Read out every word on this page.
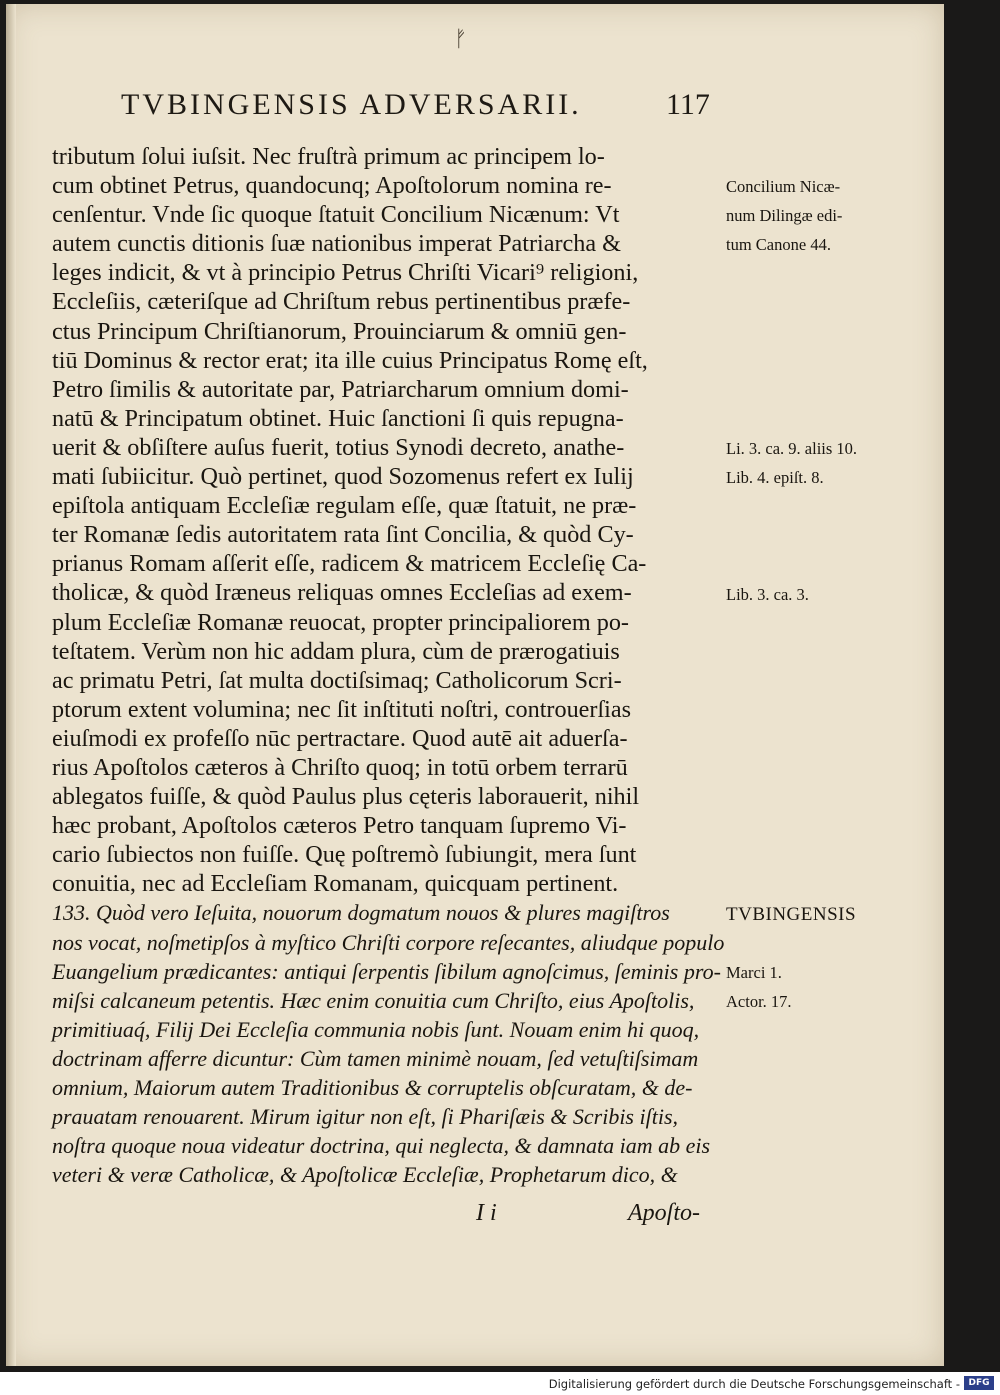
ᚠ
TVBINGENSIS ADVERSARII.	117
tributum ſolui iuſsit. Nec fruſtrà primum ac principem lo-
cum obtinet Petrus, quandocunq; Apoſtolorum nomina re-
cenſentur. Vnde ſic quoque ſtatuit Concilium Nicænum: Vt
autem cunctis ditionis ſuæ nationibus imperat Patriarcha &
leges indicit, & vt à principio Petrus Chriſti Vicari⁹ religioni,
Eccleſiis, cæteriſque ad Chriſtum rebus pertinentibus præfe-
ctus Principum Chriſtianorum, Prouinciarum & omniū gen-
tiū Dominus & rector erat; ita ille cuius Principatus Romę eſt,
Petro ſimilis & autoritate par, Patriarcharum omnium domi-
natū & Principatum obtinet. Huic ſanctioni ſi quis repugna-
uerit & obſiſtere auſus fuerit, totius Synodi decreto, anathe-
mati ſubiicitur. Quò pertinet, quod Sozomenus refert ex Iulij
epiſtola antiquam Eccleſiæ regulam eſſe, quæ ſtatuit, ne præ-
ter Romanæ ſedis autoritatem rata ſint Concilia, & quòd Cy-
prianus Romam aſſerit eſſe, radicem & matricem Eccleſię Ca-
tholicæ, & quòd Iræneus reliquas omnes Eccleſias ad exem-
plum Eccleſiæ Romanæ reuocat, propter principaliorem po-
teſtatem. Verùm non hic addam plura, cùm de prærogatiuis
ac primatu Petri, ſat multa doctiſsimaq; Catholicorum Scri-
ptorum extent volumina; nec ſit inſtituti noſtri, controuerſias
eiuſmodi ex profeſſo nūc pertractare. Quod autē ait aduerſa-
rius Apoſtolos cæteros à Chriſto quoq; in totū orbem terrarū
ablegatos fuiſſe, & quòd Paulus plus cęteris laborauerit, nihil
hæc probant, Apoſtolos cæteros Petro tanquam ſupremo Vi-
cario ſubiectos non fuiſſe. Quę poſtremò ſubiungit, mera ſunt
conuitia, nec ad Eccleſiam Romanam, quicquam pertinent.
133. Quòd vero Ieſuita, nouorum dogmatum nouos & plures magiſtros
nos vocat, noſmetipſos à myſtico Chriſti corpore reſecantes, aliudque populo
Euangelium prædicantes: antiqui ſerpentis ſibilum agnoſcimus, ſeminis pro-
miſsi calcaneum petentis. Hæc enim conuitia cum Chriſto, eius Apoſtolis,
primitiuaq́, Filij Dei Eccleſia communia nobis ſunt. Nouam enim hi quoq,
doctrinam afferre dicuntur: Cùm tamen minimè nouam, ſed vetuſtiſsimam
omnium, Maiorum autem Traditionibus & corruptelis obſcuratam, & de-
prauatam renouarent. Mirum igitur non eſt, ſi Phariſæis & Scribis iſtis,
noſtra quoque noua videatur doctrina, qui neglecta, & damnata iam ab eis
veteri & veræ Catholicæ, & Apoſtolicæ Eccleſiæ, Prophetarum dico, &
Concilium Nicæ-
num Dilingæ edi-
tum Canone 44.
Li. 3. ca. 9. aliis 10.
Lib. 4. epiſt. 8.
Lib. 3. ca. 3.
TVBINGENSIS
Marci 1.
Actor. 17.
I i	Apoſto-
Digitalisierung gefördert durch die Deutsche Forschungsgemeinschaft - DFG
